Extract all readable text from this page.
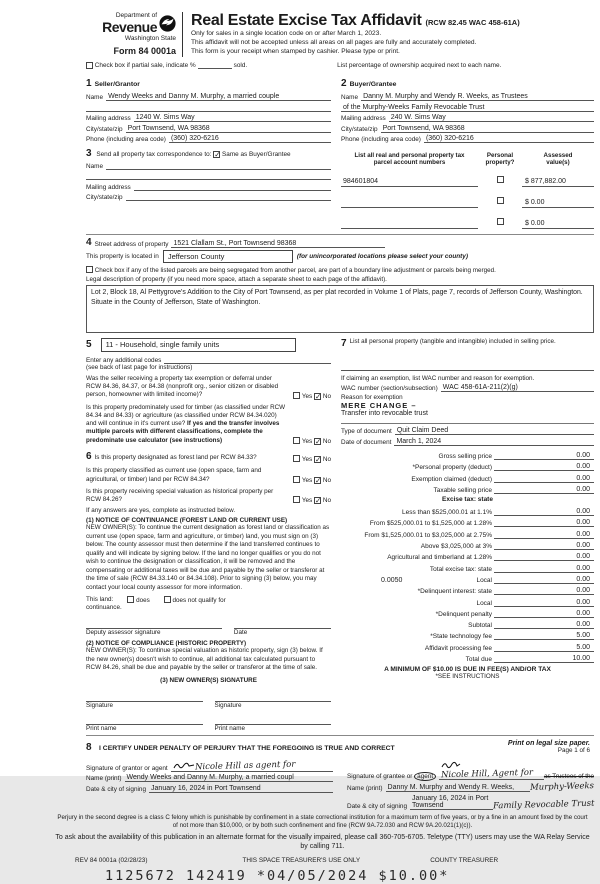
Department of
Revenue
Washington State
Form 84 0001a
Real Estate Excise Tax Affidavit (RCW 82.45 WAC 458-61A)
Only for sales in a single location code on or after March 1, 2023.
This affidavit will not be accepted unless all areas on all pages are fully and accurately completed.
This form is your receipt when stamped by cashier. Please type or print.

Check box if partial sale, indicate %	sold.	List percentage of ownership acquired next to each name.
1 Seller/Grantor
Name Wendy Weeks and Danny M. Murphy, a married couple
Mailing address 1240 W. Sims Way
City/state/zip Port Townsend, WA 98368
Phone (including area code) (360) 320-6216
2 Buyer/Grantee
Name Danny M. Murphy and Wendy R. Weeks, as Trustees
of the Murphy-Weeks Family Revocable Trust
Mailing address 240 W. Sims Way
City/state/zip Port Townsend, WA 98368
Phone (including area code) (360) 320-6216
3 Send all property tax correspondence to: ✓ Same as Buyer/Grantee
Name
Mailing address
City/state/zip
List all real and personal property tax
parcel account numbers
Personal
property?
Assessed
value(s)
984601804	$ 877,882.00
$ 0.00
$ 0.00
4 Street address of property 1521 Clallam St., Port Townsend 98368
This property is located in	Jefferson County	(for unincorporated locations please select your county)
Check box if any of the listed parcels are being segregated from another parcel, are part of a boundary line adjustment or parcels being merged.
Legal description of property (if you need more space, attach a separate sheet to each page of the affidavit).
Lot 2, Block 18, Al Pettygrove's Addition to the City of Port Townsend, as per plat recorded in Volume 1 of Plats, page 7, records of Jefferson County, Washington.
Situate in the County of Jefferson, State of Washington.
5	11 - Household, single family units
Enter any additional codes
(see back of last page for instructions)
Was the seller receiving a property tax exemption or deferral under RCW 84.36, 84.37, or 84.38 (nonprofit org., senior citizen or disabled person, homeowner with limited income)?	Yes ✓ No
Is this property predominately used for timber (as classified under RCW 84.34 and 84.33) or agriculture (as classified under RCW 84.34.020) and will continue in it's current use? If yes and the transfer involves multiple parcels with different classifications, complete the predominate use calculator (see instructions)	Yes ✓ No
6 Is this property designated as forest land per RCW 84.33?	Yes ✓ No
Is this property classified as current use (open space, farm and agricultural, or timber) land per RCW 84.34?	Yes ✓ No
Is this property receiving special valuation as historical property per RCW 84.26?	Yes ✓ No
If any answers are yes, complete as instructed below.
(1) NOTICE OF CONTINUANCE (FOREST LAND OR CURRENT USE)
NEW OWNER(S): To continue the current designation as forest land or classification as current use (open space, farm and agriculture, or timber) land, you must sign on (3) below. The county assessor must then determine if the land transferred continues to qualify and will indicate by signing below. If the land no longer qualifies or you do not wish to continue the designation or classification, it will be removed and the compensating or additional taxes will be due and payable by the seller or transferor at the time of sale (RCW 84.33.140 or 84.34.108). Prior to signing (3) below, you may contact your local county assessor for more information.
This land:	does	does not qualify for
continuance.
Deputy assessor signature	Date
(2) NOTICE OF COMPLIANCE (HISTORIC PROPERTY)
NEW OWNER(S): To continue special valuation as historic property, sign (3) below. If the new owner(s) doesn't wish to continue, all additional tax calculated pursuant to RCW 84.26, shall be due and payable by the seller or transferor at the time of sale.
(3) NEW OWNER(S) SIGNATURE
Signature	Signature
Print name	Print name
7 List all personal property (tangible and intangible) included in selling price.
If claiming an exemption, list WAC number and reason for exemption.
WAC number (section/subsection) WAC 458-61A-211(2)(g)
Reason for exemption
MERE CHANGE –
Transfer into revocable trust
Type of document Quit Claim Deed
Date of document March 1, 2024
Gross selling price	0.00
*Personal property (deduct)	0.00
Exemption claimed (deduct)	0.00
Taxable selling price	0.00
Excise tax: state
Less than $525,000.01 at 1.1%	0.00
From $525,000.01 to $1,525,000 at 1.28%	0.00
From $1,525,000.01 to $3,025,000 at 2.75%	0.00
Above $3,025,000 at 3%	0.00
Agricultural and timberland at 1.28%	0.00
Total excise tax: state	0.00
0.0050	Local	0.00
*Delinquent interest: state	0.00
Local	0.00
*Delinquent penalty	0.00
Subtotal	0.00
*State technology fee	5.00
Affidavit processing fee	5.00
Total due	10.00
A MINIMUM OF $10.00 IS DUE IN FEE(S) AND/OR TAX
*SEE INSTRUCTIONS
8 I CERTIFY UNDER PENALTY OF PERJURY THAT THE FOREGOING IS TRUE AND CORRECT
Signature of grantor or agent	Nicole Hill as agent for
Name (print) Wendy Weeks and Danny M. Murphy, a married coupl
Date & city of signing January 16, 2024 in Port Townsend
Signature of grantee or agent Nicole Hill, Agent for	as Trustees of the
Name (print) Danny M. Murphy and Wendy R. Weeks,	Murphy-Weeks
Date & city of signing
January 16, 2024 in Port Townsend	Family Revocable Trust
Perjury in the second degree is a class C felony which is punishable by confinement in a state correctional institution for a maximum term of five years, or by a fine in an amount fixed by the court of not more than $10,000, or by both such confinement and fine (RCW 9A.72.030 and RCW 9A.20.021(1)(c)).
To ask about the availability of this publication in an alternate format for the visually impaired, please call 360-705-6705. Teletype (TTY) users may use the WA Relay Service by calling 711.
REV 84 0001a (02/28/23)	THIS SPACE TREASURER'S USE ONLY	COUNTY TREASURER
1125672 142419 *04/05/2024 $10.00*
Print on legal size paper.
Page 1 of 6
